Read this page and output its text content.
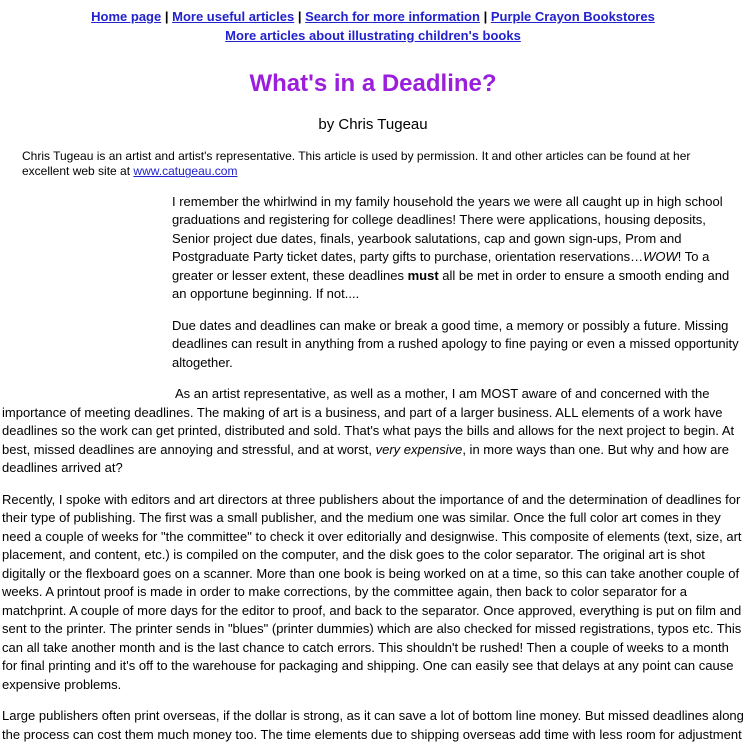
Home page | More useful articles | Search for more information | Purple Crayon Bookstores
More articles about illustrating children's books
What's in a Deadline?

by Chris Tugeau

Chris Tugeau is an artist and artist's representative. This article is used by permission. It and other articles can be found at her excellent web site at www.catugeau.com

I remember the whirlwind in my family household the years we were all caught up in high school graduations and registering for college deadlines! There were applications, housing deposits, Senior project due dates, finals, yearbook salutations, cap and gown sign-ups, Prom and Postgraduate Party ticket dates, party gifts to purchase, orientation reservations…WOW! To a greater or lesser extent, these deadlines must all be met in order to ensure a smooth ending and an opportune beginning. If not....

Due dates and deadlines can make or break a good time, a memory or possibly a future. Missing deadlines can result in anything from a rushed apology to fine paying or even a missed opportunity altogether.

As an artist representative, as well as a mother, I am MOST aware of and concerned with the importance of meeting deadlines. The making of art is a business, and part of a larger business. ALL elements of a work have deadlines so the work can get printed, distributed and sold. That's what pays the bills and allows for the next project to begin. At best, missed deadlines are annoying and stressful, and at worst, very expensive, in more ways than one. But why and how are deadlines arrived at?

Recently, I spoke with editors and art directors at three publishers about the importance of and the determination of deadlines for their type of publishing. The first was a small publisher, and the medium one was similar. Once the full color art comes in they need a couple of weeks for "the committee" to check it over editorially and designwise. This composite of elements (text, size, art placement, and content, etc.) is compiled on the computer, and the disk goes to the color separator. The original art is shot digitally or the flexboard goes on a scanner. More than one book is being worked on at a time, so this can take another couple of weeks. A printout proof is made in order to make corrections, by the committee again, then back to color separator for a matchprint. A couple of more days for the editor to proof, and back to the separator. Once approved, everything is put on film and sent to the printer. The printer sends in "blues" (printer dummies) which are also checked for missed registrations, typos etc. This can all take another month and is the last chance to catch errors. This shouldn't be rushed! Then a couple of weeks to a month for final printing and it's off to the warehouse for packaging and shipping. One can easily see that delays at any point can cause expensive problems.

Large publishers often print overseas, if the dollar is strong, as it can save a lot of bottom line money. But missed deadlines along the process can cost them much money too. The time elements due to shipping overseas add time with less room for adjustment
